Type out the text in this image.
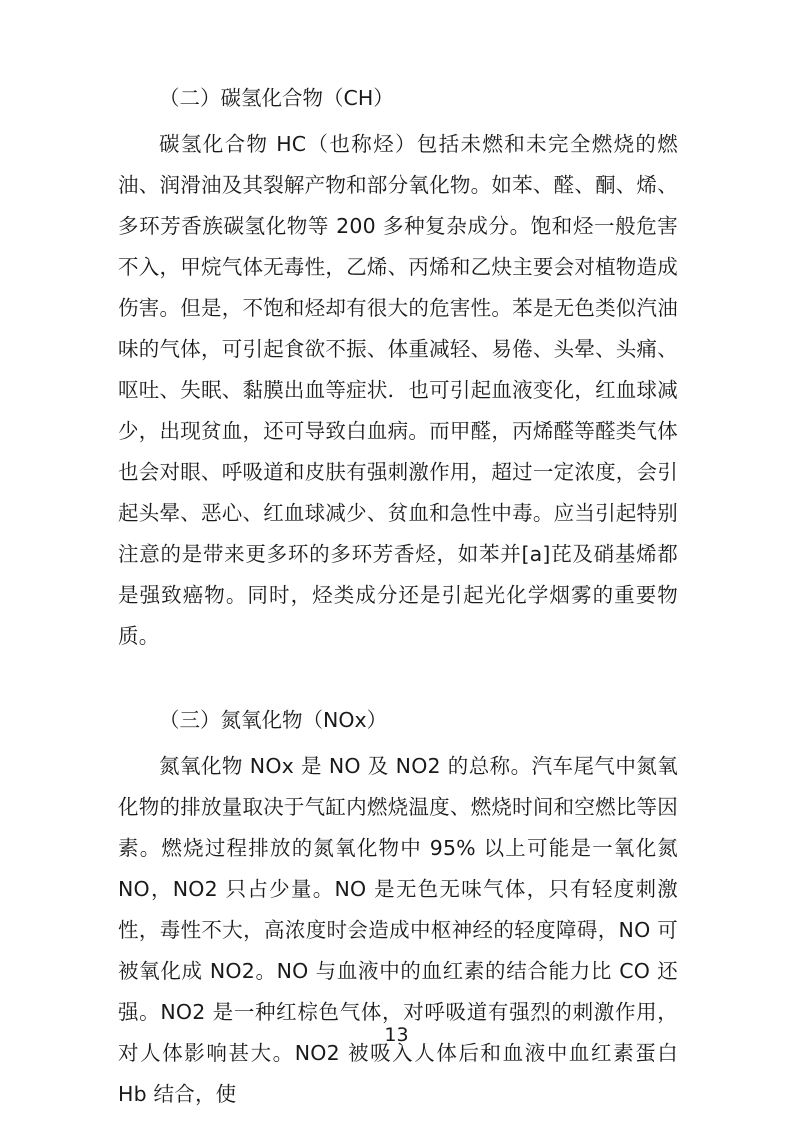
（二）碳氢化合物（CH）

碳氢化合物 HC（也称烃）包括未燃和未完全燃烧的燃油、润滑油及其裂解产物和部分氧化物。如苯、醛、酮、烯、多环芳香族碳氢化物等 200 多种复杂成分。饱和烃一般危害不入，甲烷气体无毒性，乙烯、丙烯和乙炔主要会对植物造成伤害。但是，不饱和烃却有很大的危害性。苯是无色类似汽油味的气体，可引起食欲不振、体重减轻、易倦、头晕、头痛、呕吐、失眠、黏膜出血等症状．也可引起血液变化，红血球减少，出现贫血，还可导致白血病。而甲醛，丙烯醛等醛类气体也会对眼、呼吸道和皮肤有强刺激作用，超过一定浓度，会引起头晕、恶心、红血球减少、贫血和急性中毒。应当引起特别注意的是带来更多环的多环芳香烃，如苯并[a]芘及硝基烯都是强致癌物。同时，烃类成分还是引起光化学烟雾的重要物质。

（三）氮氧化物（NOx）

氮氧化物 NOx 是 NO 及 NO2 的总称。汽车尾气中氮氧化物的排放量取决于气缸内燃烧温度、燃烧时间和空燃比等因素。燃烧过程排放的氮氧化物中 95% 以上可能是一氧化氮 NO，NO2 只占少量。NO 是无色无味气体，只有轻度刺激性，毒性不大，高浓度时会造成中枢神经的轻度障碍，NO 可被氧化成 NO2。NO 与血液中的血红素的结合能力比 CO 还强。NO2 是一种红棕色气体，对呼吸道有强烈的刺激作用，对人体影响甚大。NO2 被吸入人体后和血液中血红素蛋白 Hb 结合，使

13
